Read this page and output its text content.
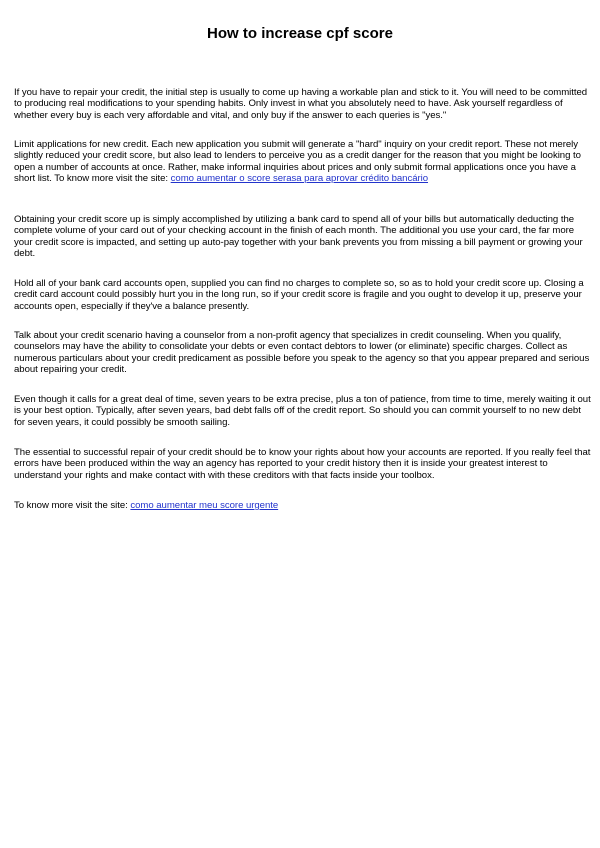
How to increase cpf score

If you have to repair your credit, the initial step is usually to come up having a workable plan and stick to it. You will need to be committed to producing real modifications to your spending habits. Only invest in what you absolutely need to have. Ask yourself regardless of whether every buy is each very affordable and vital, and only buy if the answer to each queries is "yes."

Limit applications for new credit. Each new application you submit will generate a "hard" inquiry on your credit report. These not merely slightly reduced your credit score, but also lead to lenders to perceive you as a credit danger for the reason that you might be looking to open a number of accounts at once. Rather, make informal inquiries about prices and only submit formal applications once you have a short list. To know more visit the site: como aumentar o score serasa para aprovar crédito bancário

Obtaining your credit score up is simply accomplished by utilizing a bank card to spend all of your bills but automatically deducting the complete volume of your card out of your checking account in the finish of each month. The additional you use your card, the far more your credit score is impacted, and setting up auto-pay together with your bank prevents you from missing a bill payment or growing your debt.

Hold all of your bank card accounts open, supplied you can find no charges to complete so, so as to hold your credit score up. Closing a credit card account could possibly hurt you in the long run, so if your credit score is fragile and you ought to develop it up, preserve your accounts open, especially if they've a balance presently.

Talk about your credit scenario having a counselor from a non-profit agency that specializes in credit counseling. When you qualify, counselors may have the ability to consolidate your debts or even contact debtors to lower (or eliminate) specific charges. Collect as numerous particulars about your credit predicament as possible before you speak to the agency so that you appear prepared and serious about repairing your credit.

Even though it calls for a great deal of time, seven years to be extra precise, plus a ton of patience, from time to time, merely waiting it out is your best option. Typically, after seven years, bad debt falls off of the credit report. So should you can commit yourself to no new debt for seven years, it could possibly be smooth sailing.

The essential to successful repair of your credit should be to know your rights about how your accounts are reported. If you really feel that errors have been produced within the way an agency has reported to your credit history then it is inside your greatest interest to understand your rights and make contact with with these creditors with that facts inside your toolbox.

To know more visit the site: como aumentar meu score urgente
